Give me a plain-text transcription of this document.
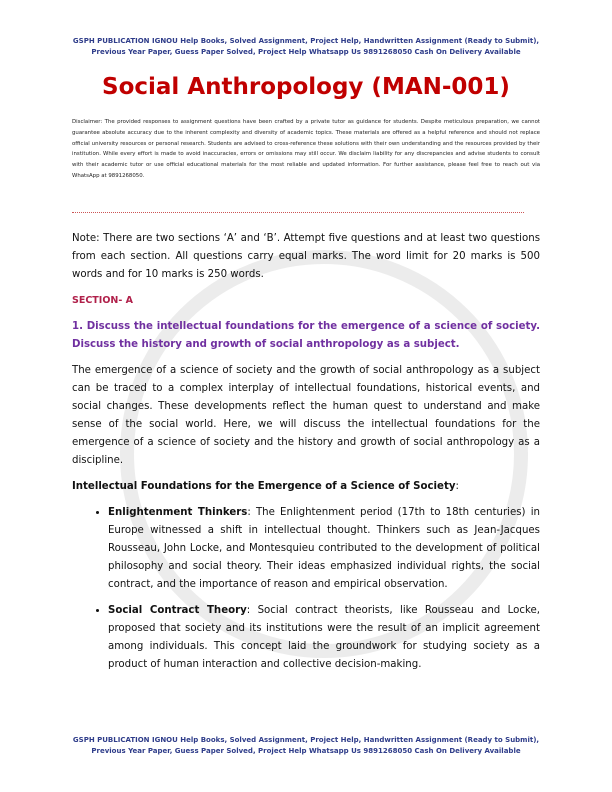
GSPH PUBLICATION IGNOU Help Books, Solved Assignment, Project Help, Handwritten Assignment (Ready to Submit),
Previous Year Paper, Guess Paper Solved, Project Help Whatsapp Us 9891268050 Cash On Delivery Available
Social Anthropology (MAN-001)
Disclaimer: The provided responses to assignment questions have been crafted by a private tutor as guidance for students. Despite meticulous preparation, we cannot guarantee absolute accuracy due to the inherent complexity and diversity of academic topics. These materials are offered as a helpful reference and should not replace official university resources or personal research. Students are advised to cross-reference these solutions with their own understanding and the resources provided by their institution. While every effort is made to avoid inaccuracies, errors or omissions may still occur. We disclaim liability for any discrepancies and advise students to consult with their academic tutor or use official educational materials for the most reliable and updated information. For further assistance, please feel free to reach out via WhatsApp at 9891268050.

Note: There are two sections ‘A’ and ‘B’. Attempt five questions and at least two questions from each section. All questions carry equal marks. The word limit for 20 marks is 500 words and for 10 marks is 250 words.

SECTION- A

1. Discuss the intellectual foundations for the emergence of a science of society. Discuss the history and growth of social anthropology as a subject.

The emergence of a science of society and the growth of social anthropology as a subject can be traced to a complex interplay of intellectual foundations, historical events, and social changes. These developments reflect the human quest to understand and make sense of the social world. Here, we will discuss the intellectual foundations for the emergence of a science of society and the history and growth of social anthropology as a discipline.

Intellectual Foundations for the Emergence of a Science of Society:

• Enlightenment Thinkers: The Enlightenment period (17th to 18th centuries) in Europe witnessed a shift in intellectual thought. Thinkers such as Jean-Jacques Rousseau, John Locke, and Montesquieu contributed to the development of political philosophy and social theory. Their ideas emphasized individual rights, the social contract, and the importance of reason and empirical observation.
• Social Contract Theory: Social contract theorists, like Rousseau and Locke, proposed that society and its institutions were the result of an implicit agreement among individuals. This concept laid the groundwork for studying society as a product of human interaction and collective decision-making.
GSPH PUBLICATION IGNOU Help Books, Solved Assignment, Project Help, Handwritten Assignment (Ready to Submit),
Previous Year Paper, Guess Paper Solved, Project Help Whatsapp Us 9891268050 Cash On Delivery Available
